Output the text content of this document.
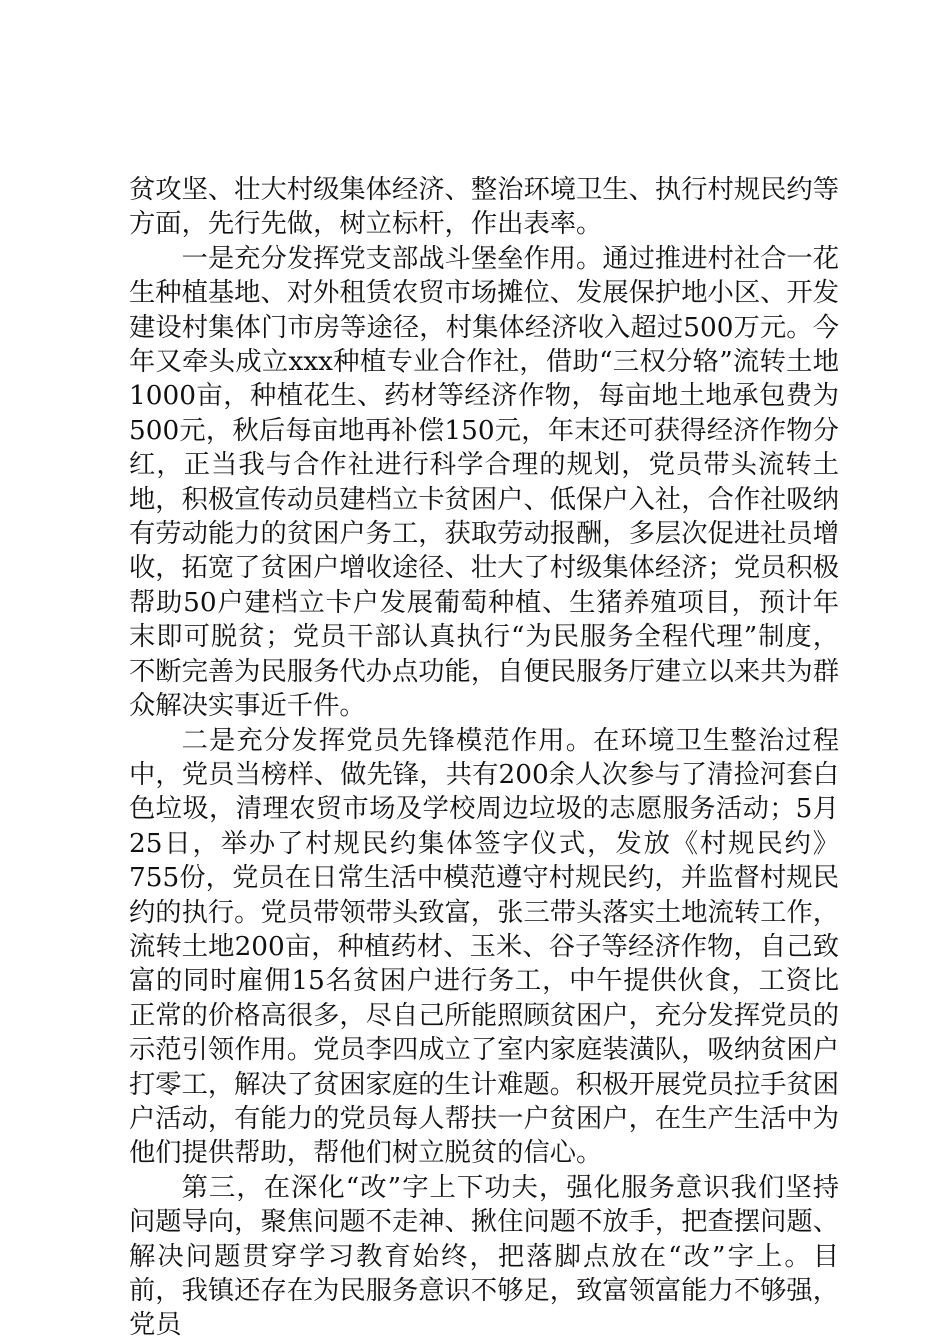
贫攻坚、壮大村级集体经济、整治环境卫生、执行村规民约等方面，先行先做，树立标杆，作出表率。

一是充分发挥党支部战斗堡垒作用。通过推进村社合一花生种植基地、对外租赁农贸市场摊位、发展保护地小区、开发建设村集体门市房等途径，村集体经济收入超过500万元。今年又牵头成立xxx种植专业合作社，借助“三权分辂”流转土地1000亩，种植花生、药材等经济作物，每亩地土地承包费为500元，秋后每亩地再补偿150元，年末还可获得经济作物分红，正当我与合作社进行科学合理的规划，党员带头流转土地，积极宣传动员建档立卡贫困户、低保户入社，合作社吸纳有劳动能力的贫困户务工，获取劳动报酬，多层次促进社员增收，拓宽了贫困户增收途径、壮大了村级集体经济；党员积极帮助50户建档立卡户发展葡萄种植、生猪养殖项目，预计年末即可脱贫；党员干部认真执行“为民服务全程代理”制度，不断完善为民服务代办点功能，自便民服务厅建立以来共为群众解决实事近千件。

二是充分发挥党员先锋模范作用。在环境卫生整治过程中，党员当榜样、做先锋，共有200余人次参与了清捡河套白色垃圾，清理农贸市场及学校周边垃圾的志愿服务活动；5月25日，举办了村规民约集体签字仪式，发放《村规民约》755份，党员在日常生活中模范遵守村规民约，并监督村规民约的执行。党员带领带头致富，张三带头落实土地流转工作，流转土地200亩，种植药材、玉米、谷子等经济作物，自己致富的同时雇佣15名贫困户进行务工，中午提供伙食，工资比正常的价格高很多，尽自己所能照顾贫困户，充分发挥党员的示范引领作用。党员李四成立了室内家庭装潢队，吸纳贫困户打零工，解决了贫困家庭的生计难题。积极开展党员拉手贫困户活动，有能力的党员每人帮扶一户贫困户，在生产生活中为他们提供帮助，帮他们树立脱贫的信心。

第三，在深化“改”字上下功夫，强化服务意识我们坚持问题导向，聚焦问题不走神、揪住问题不放手，把查摆问题、解决问题贯穿学习教育始终，把落脚点放在“改”字上。目前，我镇还存在为民服务意识不够足，致富领富能力不够强，党员
